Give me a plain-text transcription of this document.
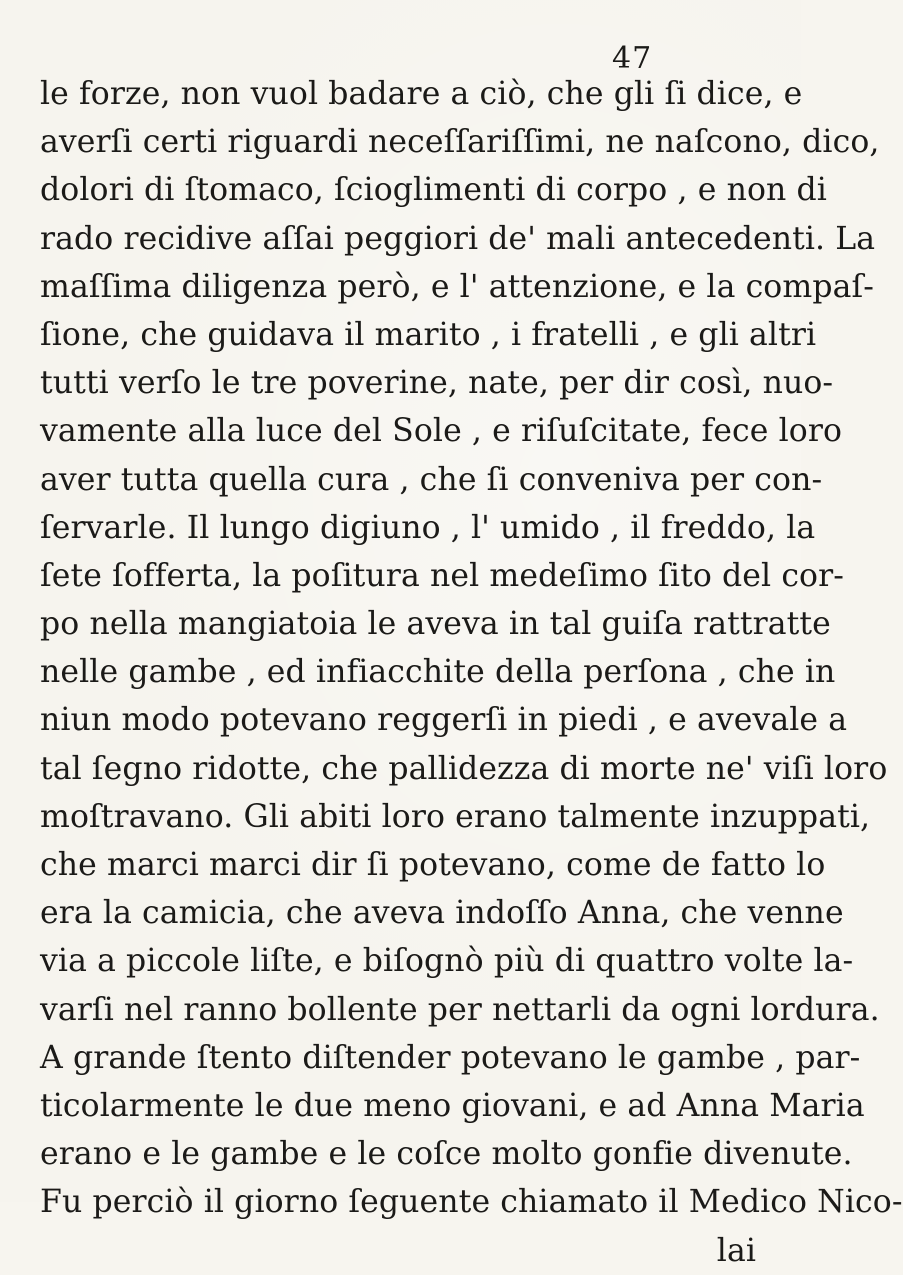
47
le forze, non vuol badare a ciò, che gli ſi dice, e
averſi certi riguardi neceſſariſſimi, ne naſcono, dico,
dolori di ſtomaco, ſcioglimenti di corpo , e non di
rado recidive aſſai peggiori de' mali antecedenti. La
maſſima diligenza però, e l' attenzione, e la compaſ-
ſione, che guidava il marito , i fratelli , e gli altri
tutti verſo le tre poverine, nate, per dir così, nuo-
vamente alla luce del Sole , e riſuſcitate, fece loro
aver tutta quella cura , che ſi conveniva per con-
ſervarle. Il lungo digiuno , l' umido , il freddo, la
ſete ſofferta, la poſitura nel medeſimo ſito del cor-
po nella mangiatoia le aveva in tal guiſa rattratte
nelle gambe , ed infiacchite della perſona , che in
niun modo potevano reggerſi in piedi , e avevale a
tal ſegno ridotte, che pallidezza di morte ne' viſi loro
moſtravano. Gli abiti loro erano talmente inzuppati,
che marci marci dir ſi potevano, come de fatto lo
era la camicia, che aveva indoſſo Anna, che venne
via a piccole liſte, e biſognò più di quattro volte la-
varſi nel ranno bollente per nettarli da ogni lordura.
A grande ſtento diſtender potevano le gambe , par-
ticolarmente le due meno giovani, e ad Anna Maria
erano e le gambe e le coſce molto gonfie divenute.
Fu perciò il giorno ſeguente chiamato il Medico Nico-
lai
